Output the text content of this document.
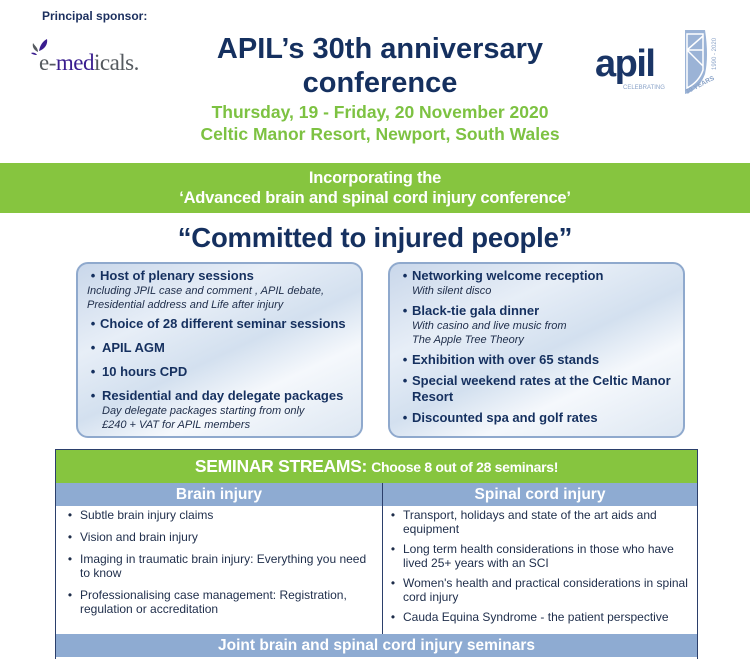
Principal sponsor:
e-medicals.	APIL’s 30th anniversary
conference
Thursday, 19 - Friday, 20 November 2020
Celtic Manor Resort, Newport, South Wales
apil
CELEBRATING
1990 - 2020
30 YEARS
Incorporating the
‘Advanced brain and spinal cord injury conference’
“Committed to injured people”
• Host of plenary sessions
Including JPIL case and comment , APIL debate, Presidential address and Life after injury
• Choice of 28 different seminar sessions
• APIL AGM
• 10 hours CPD
• Residential and day delegate packages
Day delegate packages starting from only £240 + VAT for APIL members
• Networking welcome reception
With silent disco
• Black-tie gala dinner
With casino and live music from The Apple Tree Theory
• Exhibition with over 65 stands
• Special weekend rates at the Celtic Manor Resort
• Discounted spa and golf rates
SEMINAR STREAMS: Choose 8 out of 28 seminars!
Brain injury	Spinal cord injury
• Subtle brain injury claims
• Vision and brain injury
• Imaging in traumatic brain injury: Everything you need to know
• Professionalising case management: Registration, regulation or accreditation
• Transport, holidays and state of the art aids and equipment
• Long term health considerations in those who have lived 25+ years with an SCI
• Women's health and practical considerations in spinal cord injury
• Cauda Equina Syndrome - the patient perspective
Joint brain and spinal cord injury seminars
